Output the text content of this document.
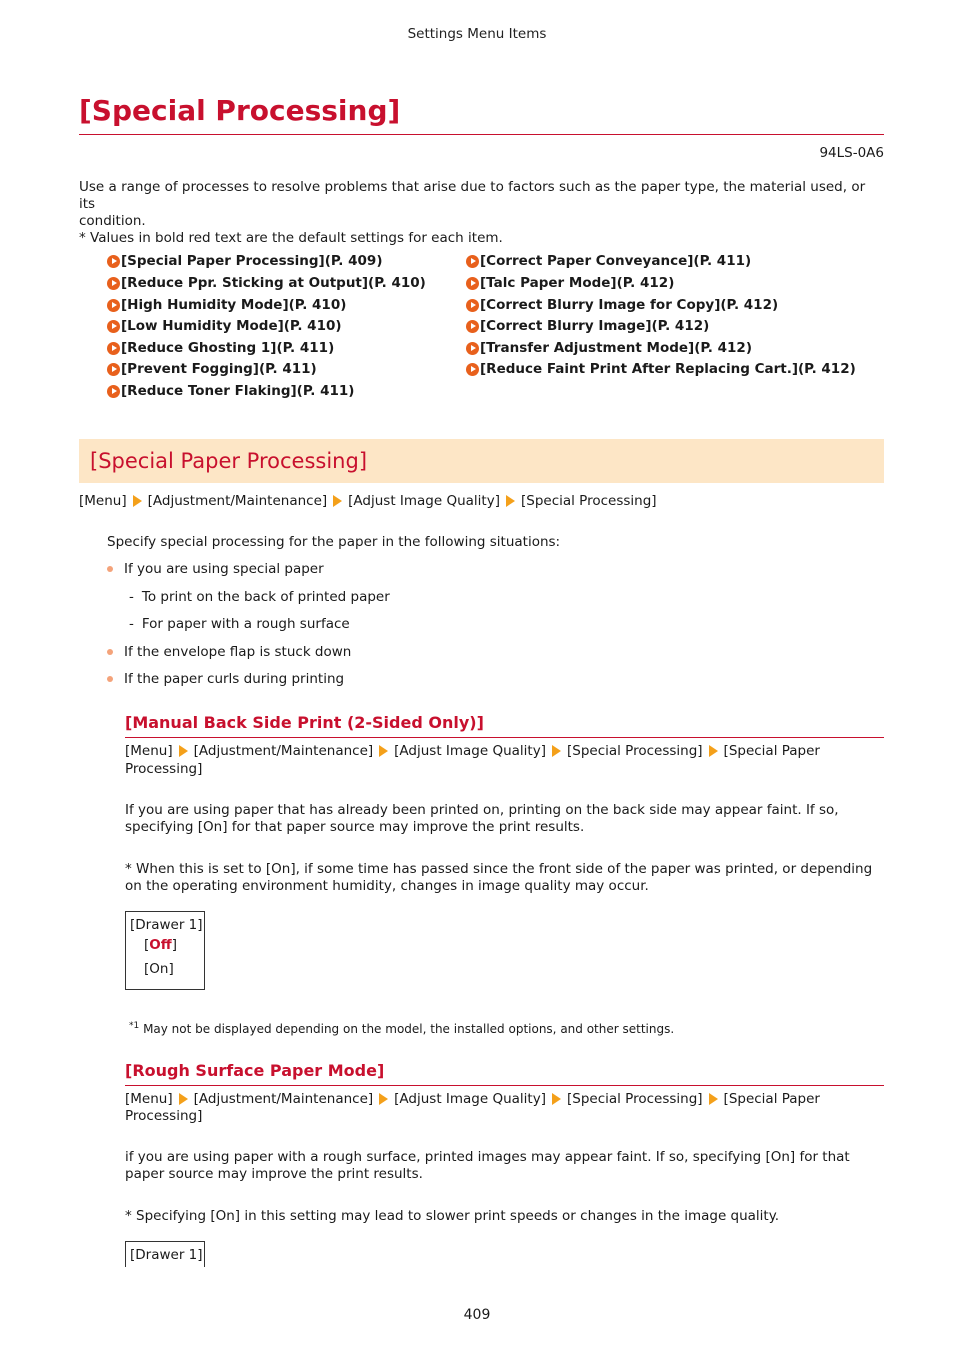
Settings Menu Items
[Special Processing]
94LS-0A6
Use a range of processes to resolve problems that arise due to factors such as the paper type, the material used, or its
condition.
* Values in bold red text are the default settings for each item.
[Special Paper Processing](P. 409)
[Reduce Ppr. Sticking at Output](P. 410)
[High Humidity Mode](P. 410)
[Low Humidity Mode](P. 410)
[Reduce Ghosting 1](P. 411)
[Prevent Fogging](P. 411)
[Reduce Toner Flaking](P. 411)
[Correct Paper Conveyance](P. 411)
[Talc Paper Mode](P. 412)
[Correct Blurry Image for Copy](P. 412)
[Correct Blurry Image](P. 412)
[Transfer Adjustment Mode](P. 412)
[Reduce Faint Print After Replacing Cart.](P. 412)
[Special Paper Processing]
[Menu] [Adjustment/Maintenance] [Adjust Image Quality] [Special Processing]
Specify special processing for the paper in the following situations:
If you are using special paper
- To print on the back of printed paper
- For paper with a rough surface
If the envelope flap is stuck down
If the paper curls during printing
[Manual Back Side Print (2-Sided Only)]
[Menu] [Adjustment/Maintenance] [Adjust Image Quality] [Special Processing] [Special Paper
Processing]
If you are using paper that has already been printed on, printing on the back side may appear faint. If so,
specifying [On] for that paper source may improve the print results.
* When this is set to [On], if some time has passed since the front side of the paper was printed, or depending
on the operating environment humidity, changes in image quality may occur.
[Drawer 1]
[Off]
[On]
$^{*1}$ May not be displayed depending on the model, the installed options, and other settings.
[Rough Surface Paper Mode]
[Menu] [Adjustment/Maintenance] [Adjust Image Quality] [Special Processing] [Special Paper
Processing]
if you are using paper with a rough surface, printed images may appear faint. If so, specifying [On] for that
paper source may improve the print results.
* Specifying [On] in this setting may lead to slower print speeds or changes in the image quality.
[Drawer 1]
409
